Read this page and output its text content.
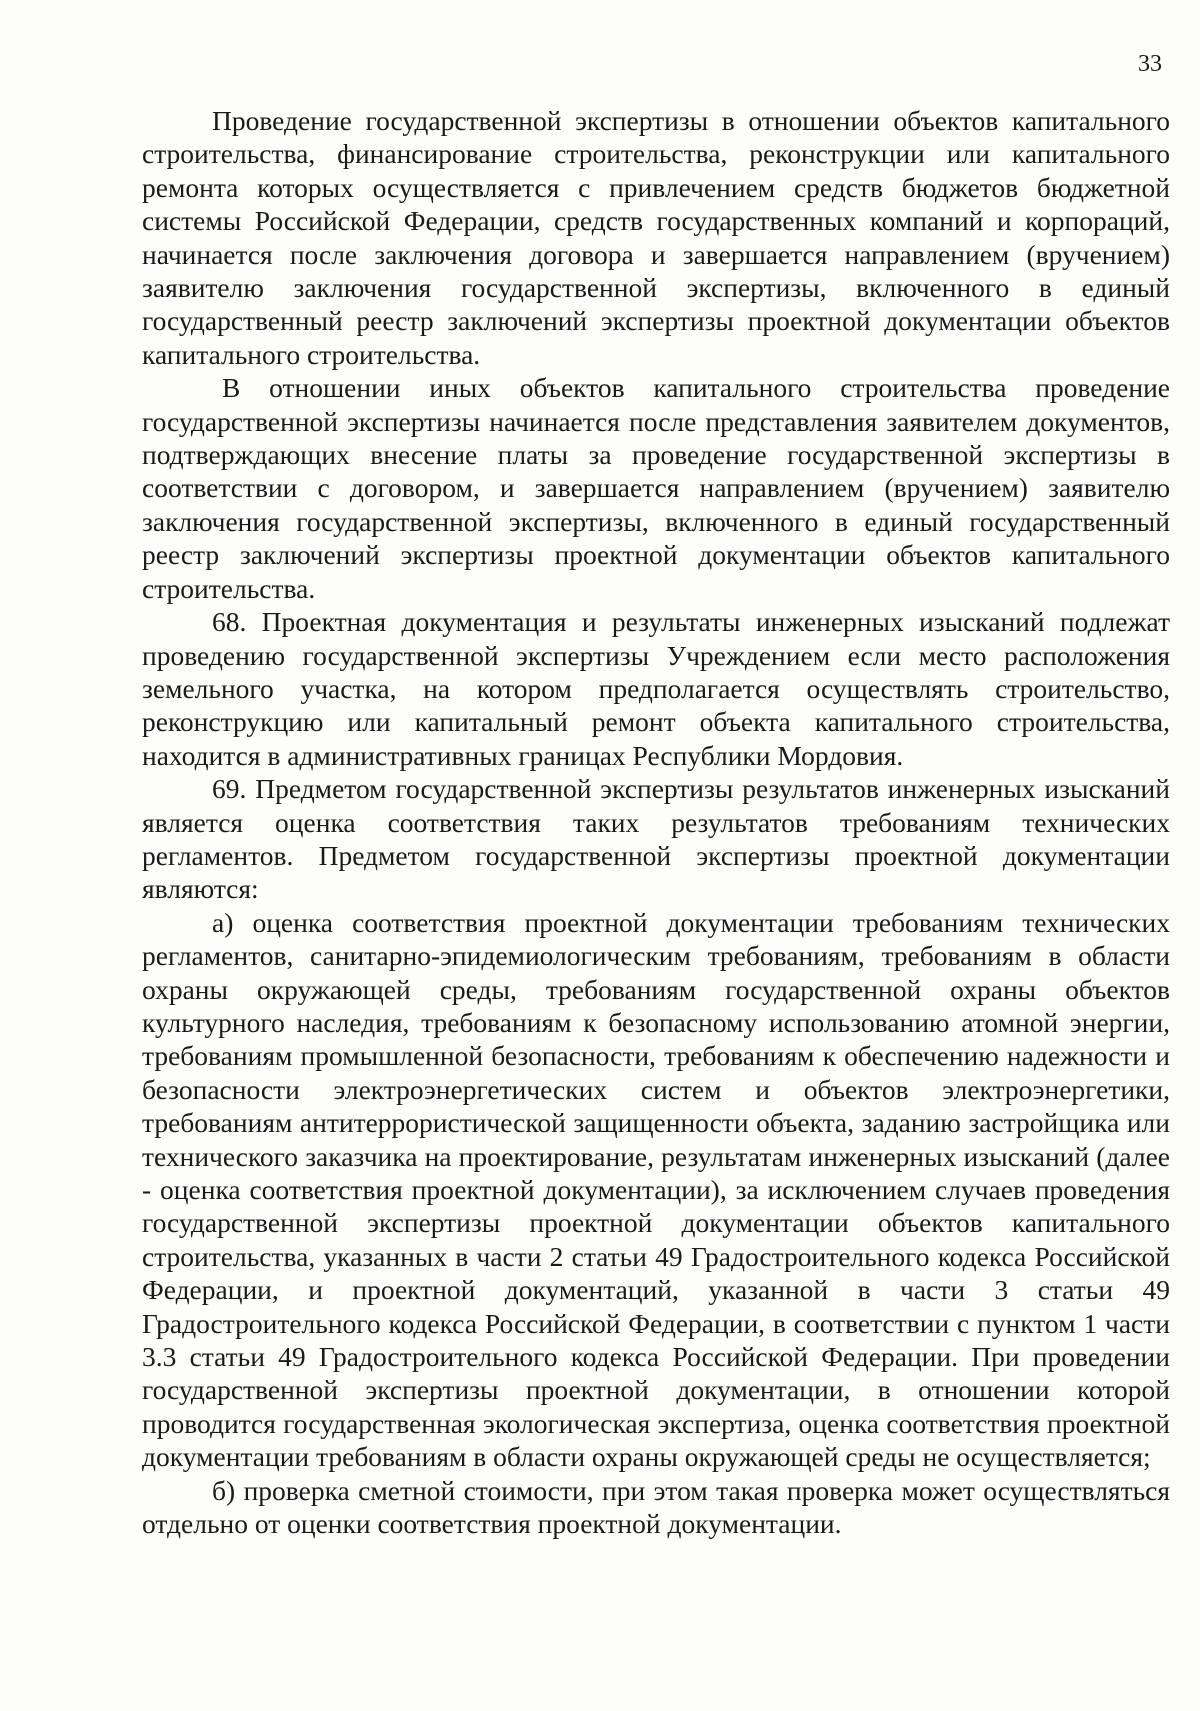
33

Проведение государственной экспертизы в отношении объектов капитального строительства, финансирование строительства, реконструкции или капитального ремонта которых осуществляется с привлечением средств бюджетов бюджетной системы Российской Федерации, средств государственных компаний и корпораций, начинается после заключения договора и завершается направлением (вручением) заявителю заключения государственной экспертизы, включенного в единый государственный реестр заключений экспертизы проектной документации объектов капитального строительства.

В отношении иных объектов капитального строительства проведение государственной экспертизы начинается после представления заявителем документов, подтверждающих внесение платы за проведение государственной экспертизы в соответствии с договором, и завершается направлением (вручением) заявителю заключения государственной экспертизы, включенного в единый государственный реестр заключений экспертизы проектной документации объектов капитального строительства.

68. Проектная документация и результаты инженерных изысканий подлежат проведению государственной экспертизы Учреждением если место расположения земельного участка, на котором предполагается осуществлять строительство, реконструкцию или капитальный ремонт объекта капитального строительства, находится в административных границах Республики Мордовия.

69. Предметом государственной экспертизы результатов инженерных изысканий является оценка соответствия таких результатов требованиям технических регламентов. Предметом государственной экспертизы проектной документации являются:

а) оценка соответствия проектной документации требованиям технических регламентов, санитарно-эпидемиологическим требованиям, требованиям в области охраны окружающей среды, требованиям государственной охраны объектов культурного наследия, требованиям к безопасному использованию атомной энергии, требованиям промышленной безопасности, требованиям к обеспечению надежности и безопасности электроэнергетических систем и объектов электроэнергетики, требованиям антитеррористической защищенности объекта, заданию застройщика или технического заказчика на проектирование, результатам инженерных изысканий (далее - оценка соответствия проектной документации), за исключением случаев проведения государственной экспертизы проектной документации объектов капитального строительства, указанных в части 2 статьи 49 Градостроительного кодекса Российской Федерации, и проектной документаций, указанной в части 3 статьи 49 Градостроительного кодекса Российской Федерации, в соответствии с пунктом 1 части 3.3 статьи 49 Градостроительного кодекса Российской Федерации. При проведении государственной экспертизы проектной документации, в отношении которой проводится государственная экологическая экспертиза, оценка соответствия проектной документации требованиям в области охраны окружающей среды не осуществляется;

б) проверка сметной стоимости, при этом такая проверка может осуществляться отдельно от оценки соответствия проектной документации.
